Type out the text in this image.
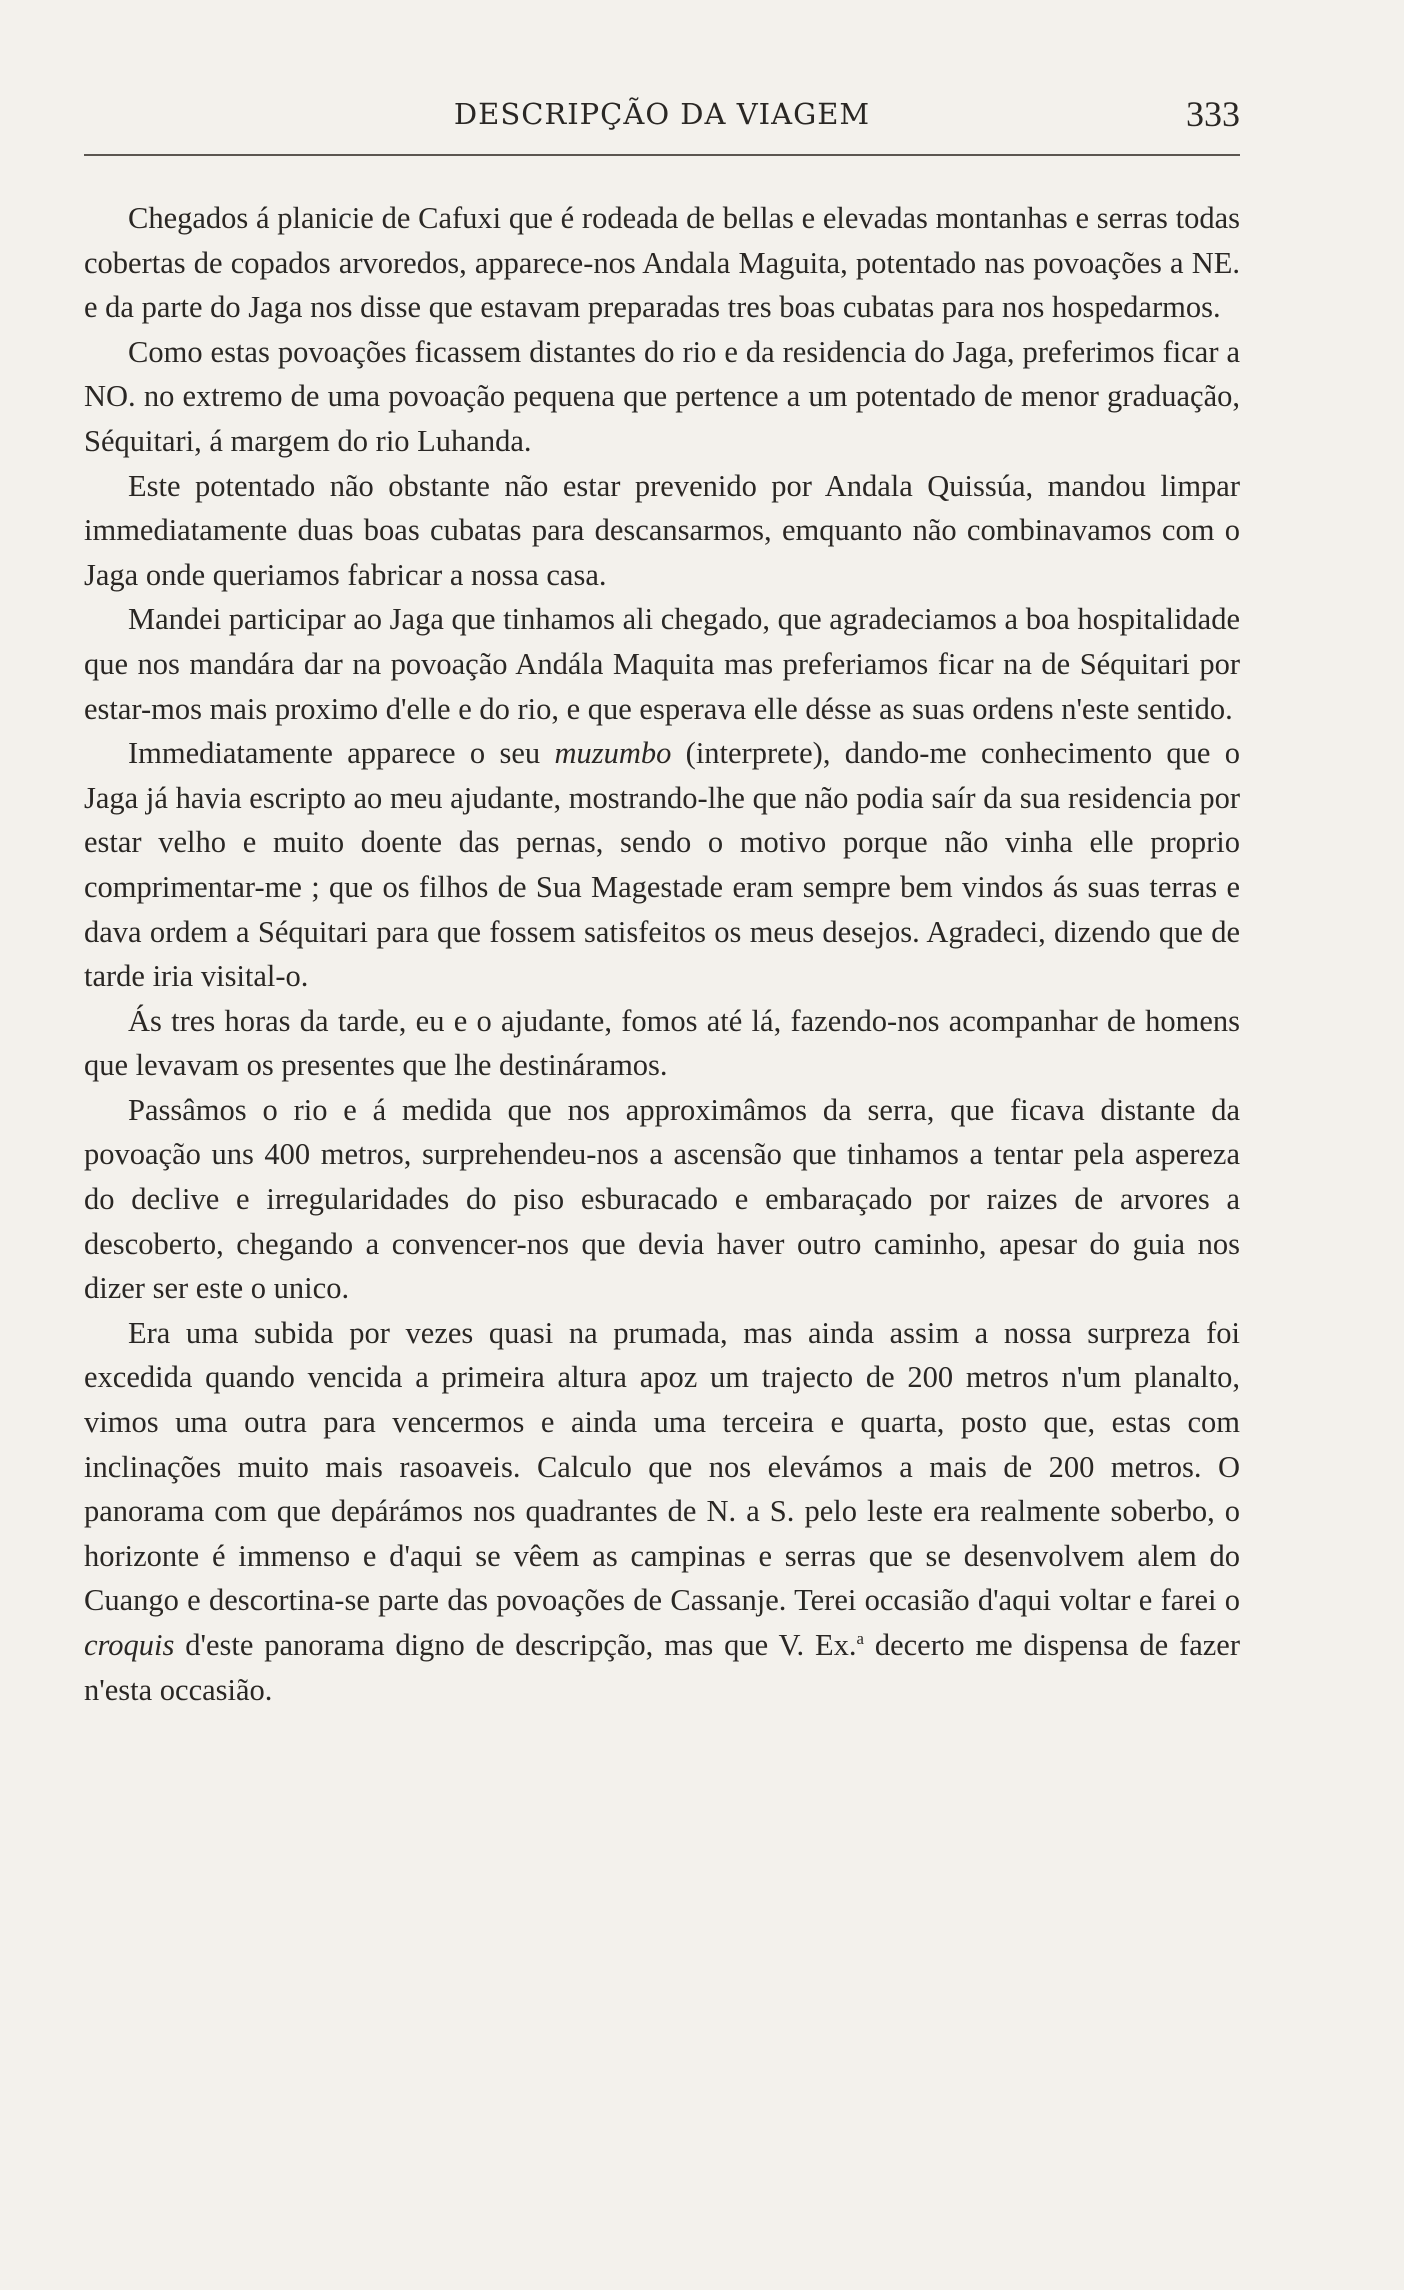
DESCRIPÇÃO DA VIAGEM	333

Chegados á planicie de Cafuxi que é rodeada de bellas e elevadas montanhas e serras todas cobertas de copados arvoredos, apparece-nos Andala Maguita, potentado nas povoações a NE. e da parte do Jaga nos disse que estavam preparadas tres boas cubatas para nos hospedarmos.

Como estas povoações ficassem distantes do rio e da residencia do Jaga, preferimos ficar a NO. no extremo de uma povoação pequena que pertence a um potentado de menor graduação, Séquitari, á margem do rio Luhanda.

Este potentado não obstante não estar prevenido por Andala Quissúa, mandou limpar immediatamente duas boas cubatas para descansarmos, emquanto não combinavamos com o Jaga onde queriamos fabricar a nossa casa.

Mandei participar ao Jaga que tinhamos ali chegado, que agradeciamos a boa hospitalidade que nos mandára dar na povoação Andála Maquita mas preferiamos ficar na de Séquitari por estar-mos mais proximo d'elle e do rio, e que esperava elle désse as suas ordens n'este sentido.

Immediatamente apparece o seu muzumbo (interprete), dando-me conhecimento que o Jaga já havia escripto ao meu ajudante, mostrando-lhe que não podia saír da sua residencia por estar velho e muito doente das pernas, sendo o motivo porque não vinha elle proprio comprimentar-me ; que os filhos de Sua Magestade eram sempre bem vindos ás suas terras e dava ordem a Séquitari para que fossem satisfeitos os meus desejos. Agradeci, dizendo que de tarde iria visital-o.

Ás tres horas da tarde, eu e o ajudante, fomos até lá, fazendo-nos acompanhar de homens que levavam os presentes que lhe destináramos.

Passâmos o rio e á medida que nos approximâmos da serra, que ficava distante da povoação uns 400 metros, surprehendeu-nos a ascensão que tinhamos a tentar pela aspereza do declive e irregularidades do piso esburacado e embaraçado por raizes de arvores a descoberto, chegando a convencer-nos que devia haver outro caminho, apesar do guia nos dizer ser este o unico.

Era uma subida por vezes quasi na prumada, mas ainda assim a nossa surpreza foi excedida quando vencida a primeira altura apoz um trajecto de 200 metros n'um planalto, vimos uma outra para vencermos e ainda uma terceira e quarta, posto que, estas com inclinações muito mais rasoaveis. Calculo que nos elevámos a mais de 200 metros. O panorama com que depárámos nos quadrantes de N. a S. pelo leste era realmente soberbo, o horizonte é immenso e d'aqui se vêem as campinas e serras que se desenvolvem alem do Cuango e descortina-se parte das povoações de Cassanje. Terei occasião d'aqui voltar e farei o croquis d'este panorama digno de descripção, mas que V. Ex.$^a$ decerto me dispensa de fazer n'esta occasião.
